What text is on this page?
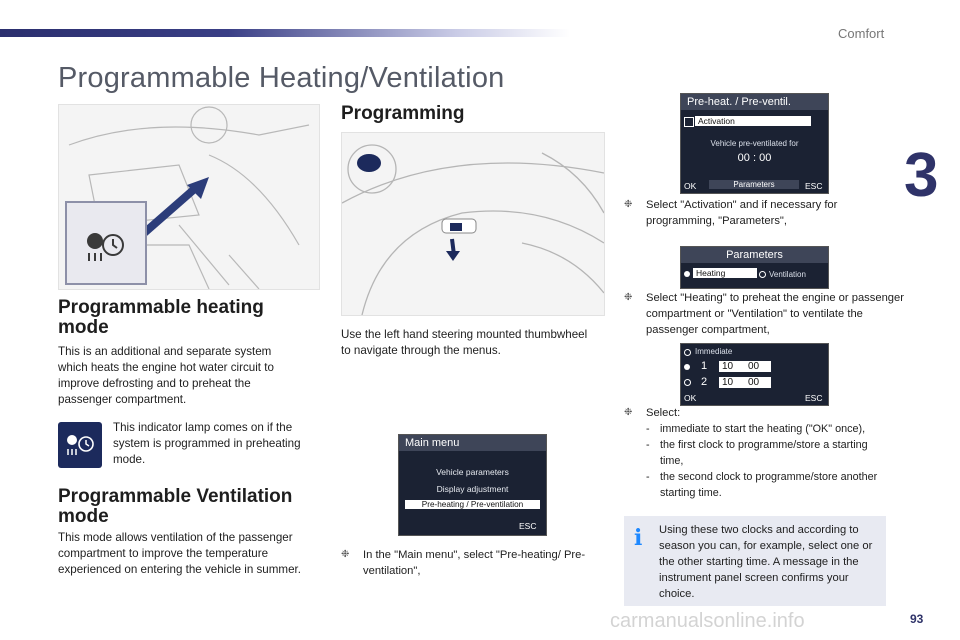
Comfort
3
Programmable Heating/Ventilation
Programmable heating mode
This is an additional and separate system which heats the engine hot water circuit to improve defrosting and to preheat the passenger compartment.
This indicator lamp comes on if the system is programmed in preheating mode.
Programmable Ventilation mode
This mode allows ventilation of the passenger compartment to improve the temperature experienced on entering the vehicle in summer.
Programming
Use the left hand steering mounted thumbwheel to navigate through the menus.
Main menu
Vehicle parameters
Display adjustment
Pre-heating / Pre-ventilation
ESC
❉ In the "Main menu", select "Pre-heating/ Pre-ventilation",
Pre-heat. / Pre-ventil.
Activation
Vehicle pre-ventilated for
00 : 00
OK	Parameters	ESC
❉ Select "Activation" and if necessary for programming, "Parameters",
Parameters
Heating	Ventilation
❉ Select "Heating" to preheat the engine or passenger compartment or "Ventilation" to ventilate the passenger compartment,
Immediate
1	10	00
2	10	00
OK	ESC
❉ Select:
- immediate to start the heating ("OK" once),
- the first clock to programme/store a starting time,
- the second clock to programme/store another starting time.
i Using these two clocks and according to season you can, for example, select one or the other starting time. A message in the instrument panel screen confirms your choice.
carmanualsonline.info	93
